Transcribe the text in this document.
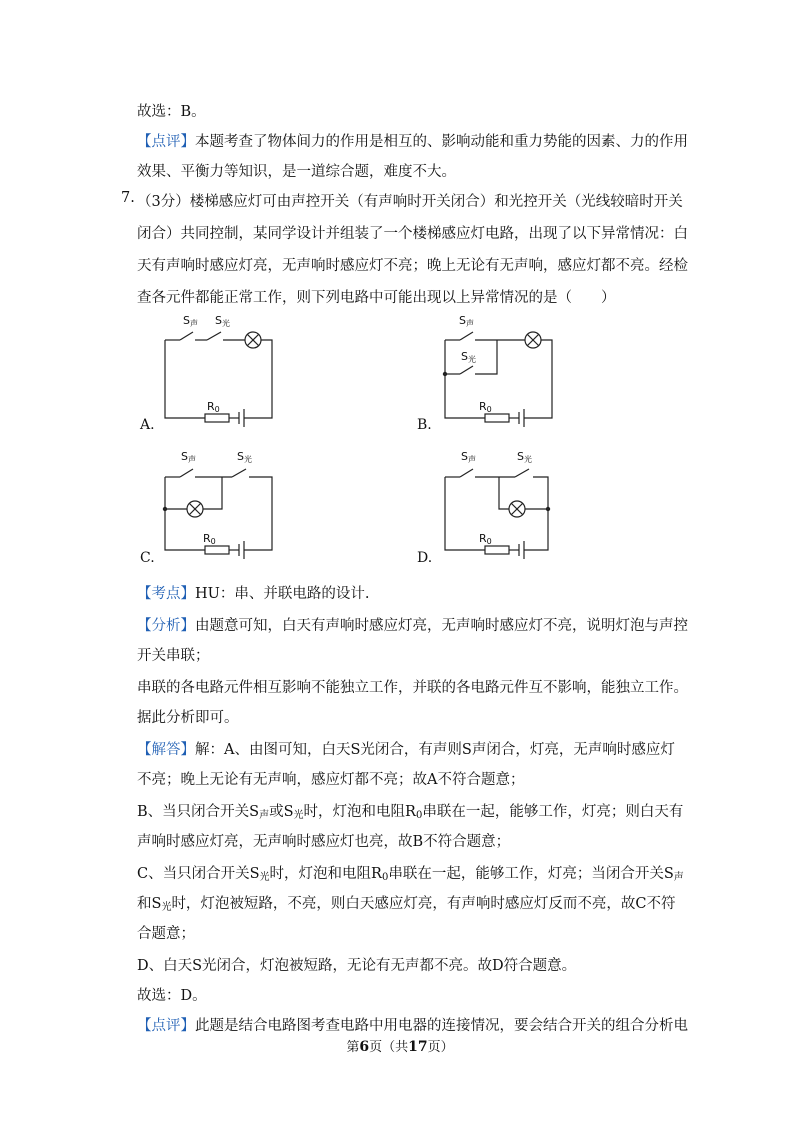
故选：B。
【点评】本题考查了物体间力的作用是相互的、影响动能和重力势能的因素、力的作用
效果、平衡力等知识，是一道综合题，难度不大。
7. （3分）楼梯感应灯可由声控开关（有声响时开关闭合）和光控开关（光线较暗时开关
闭合）共同控制，某同学设计并组装了一个楼梯感应灯电路，出现了以下异常情况：白
天有声响时感应灯亮，无声响时感应灯不亮；晚上无论有无声响，感应灯都不亮。经检
查各元件都能正常工作，则下列电路中可能出现以上异常情况的是（　　）
A.	B.
C.	D.
S声 S光
R0
S声
S光
R0
S声	S光
R0
S声	S光
R0
【考点】HU：串、并联电路的设计.
【分析】由题意可知，白天有声响时感应灯亮，无声响时感应灯不亮，说明灯泡与声控
开关串联；
串联的各电路元件相互影响不能独立工作，并联的各电路元件互不影响，能独立工作。
据此分析即可。
【解答】解：A、由图可知，白天S光闭合，有声则S声闭合，灯亮，无声响时感应灯
不亮；晚上无论有无声响，感应灯都不亮；故A不符合题意；
B、当只闭合开关$S_声$或$S_光$时，灯泡和电阻$R_0$串联在一起，能够工作，灯亮；则白天有
声响时感应灯亮，无声响时感应灯也亮，故B不符合题意；
C、当只闭合开关$S_光$时，灯泡和电阻$R_0$串联在一起，能够工作，灯亮；当闭合开关$S_声$
和$S_光$时，灯泡被短路，不亮，则白天感应灯亮，有声响时感应灯反而不亮，故C不符
合题意；
D、白天S光闭合，灯泡被短路，无论有无声都不亮。故D符合题意。
故选：D。
【点评】此题是结合电路图考查电路中用电器的连接情况，要会结合开关的组合分析电
第6页（共17页）
